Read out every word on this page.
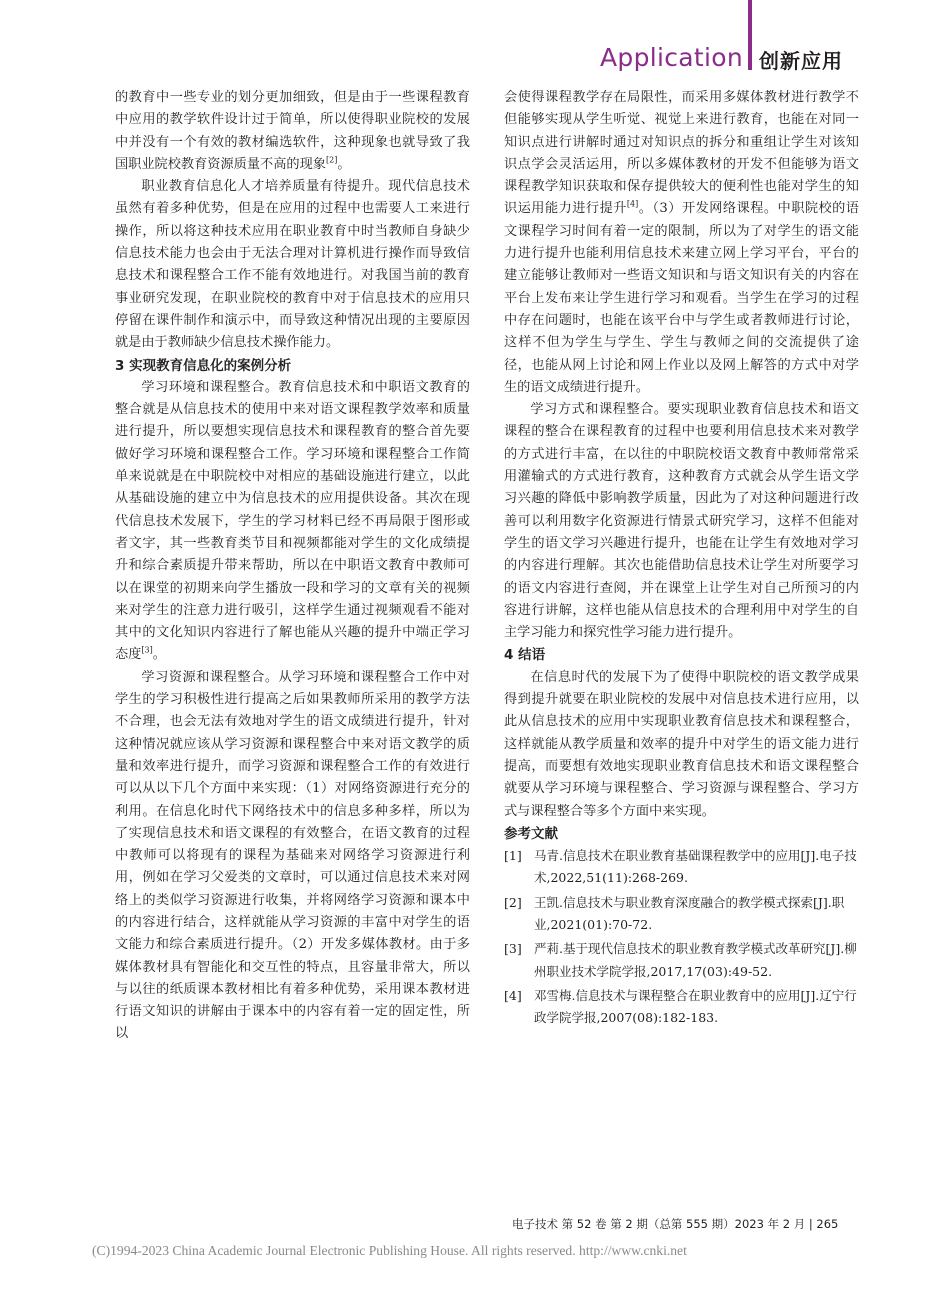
Application 创新应用

的教育中一些专业的划分更加细致，但是由于一些课程教育中应用的教学软件设计过于简单，所以使得职业院校的发展中并没有一个有效的教材编选软件，这种现象也就导致了我国职业院校教育资源质量不高的现象[2]。

职业教育信息化人才培养质量有待提升。现代信息技术虽然有着多种优势，但是在应用的过程中也需要人工来进行操作，所以将这种技术应用在职业教育中时当教师自身缺少信息技术能力也会由于无法合理对计算机进行操作而导致信息技术和课程整合工作不能有效地进行。对我国当前的教育事业研究发现，在职业院校的教育中对于信息技术的应用只停留在课件制作和演示中，而导致这种情况出现的主要原因就是由于教师缺少信息技术操作能力。

3 实现教育信息化的案例分析

学习环境和课程整合。教育信息技术和中职语文教育的整合就是从信息技术的使用中来对语文课程教学效率和质量进行提升，所以要想实现信息技术和课程教育的整合首先要做好学习环境和课程整合工作。学习环境和课程整合工作简单来说就是在中职院校中对相应的基础设施进行建立，以此从基础设施的建立中为信息技术的应用提供设备。其次在现代信息技术发展下，学生的学习材料已经不再局限于图形或者文字，其一些教育类节目和视频都能对学生的文化成绩提升和综合素质提升带来帮助，所以在中职语文教育中教师可以在课堂的初期来向学生播放一段和学习的文章有关的视频来对学生的注意力进行吸引，这样学生通过视频观看不能对其中的文化知识内容进行了解也能从兴趣的提升中端正学习态度[3]。

学习资源和课程整合。从学习环境和课程整合工作中对学生的学习积极性进行提高之后如果教师所采用的教学方法不合理，也会无法有效地对学生的语文成绩进行提升，针对这种情况就应该从学习资源和课程整合中来对语文教学的质量和效率进行提升，而学习资源和课程整合工作的有效进行可以从以下几个方面中来实现：（1）对网络资源进行充分的利用。在信息化时代下网络技术中的信息多种多样，所以为了实现信息技术和语文课程的有效整合，在语文教育的过程中教师可以将现有的课程为基础来对网络学习资源进行利用，例如在学习父爱类的文章时，可以通过信息技术来对网络上的类似学习资源进行收集，并将网络学习资源和课本中的内容进行结合，这样就能从学习资源的丰富中对学生的语文能力和综合素质进行提升。（2）开发多媒体教材。由于多媒体教材具有智能化和交互性的特点，且容量非常大，所以与以往的纸质课本教材相比有着多种优势，采用课本教材进行语文知识的讲解由于课本中的内容有着一定的固定性，所以

会使得课程教学存在局限性，而采用多媒体教材进行教学不但能够实现从学生听觉、视觉上来进行教育，也能在对同一知识点进行讲解时通过对知识点的拆分和重组让学生对该知识点学会灵活运用，所以多媒体教材的开发不但能够为语文课程教学知识获取和保存提供较大的便利性也能对学生的知识运用能力进行提升[4]。（3）开发网络课程。中职院校的语文课程学习时间有着一定的限制，所以为了对学生的语文能力进行提升也能利用信息技术来建立网上学习平台，平台的建立能够让教师对一些语文知识和与语文知识有关的内容在平台上发布来让学生进行学习和观看。当学生在学习的过程中存在问题时，也能在该平台中与学生或者教师进行讨论，这样不但为学生与学生、学生与教师之间的交流提供了途径，也能从网上讨论和网上作业以及网上解答的方式中对学生的语文成绩进行提升。

学习方式和课程整合。要实现职业教育信息技术和语文课程的整合在课程教育的过程中也要利用信息技术来对教学的方式进行丰富，在以往的中职院校语文教育中教师常常采用灌输式的方式进行教育，这种教育方式就会从学生语文学习兴趣的降低中影响教学质量，因此为了对这种问题进行改善可以利用数字化资源进行情景式研究学习，这样不但能对学生的语文学习兴趣进行提升，也能在让学生有效地对学习的内容进行理解。其次也能借助信息技术让学生对所要学习的语文内容进行查阅，并在课堂上让学生对自己所预习的内容进行讲解，这样也能从信息技术的合理利用中对学生的自主学习能力和探究性学习能力进行提升。

4 结语

在信息时代的发展下为了使得中职院校的语文教学成果得到提升就要在职业院校的发展中对信息技术进行应用，以此从信息技术的应用中实现职业教育信息技术和课程整合，这样就能从教学质量和效率的提升中对学生的语文能力进行提高，而要想有效地实现职业教育信息技术和语文课程整合就要从学习环境与课程整合、学习资源与课程整合、学习方式与课程整合等多个方面中来实现。

参考文献
[1] 马青.信息技术在职业教育基础课程教学中的应用[J].电子技术,2022,51(11):268-269.
[2] 王凯.信息技术与职业教育深度融合的教学模式探索[J].职业,2021(01):70-72.
[3] 严莉.基于现代信息技术的职业教育教学模式改革研究[J].柳州职业技术学院学报,2017,17(03):49-52.
[4] 邓雪梅.信息技术与课程整合在职业教育中的应用[J].辽宁行政学院学报,2007(08):182-183.
电子技术 第 52 卷 第 2 期（总第 555 期）2023 年 2 月 | 265
(C)1994-2023 China Academic Journal Electronic Publishing House. All rights reserved. http://www.cnki.net
